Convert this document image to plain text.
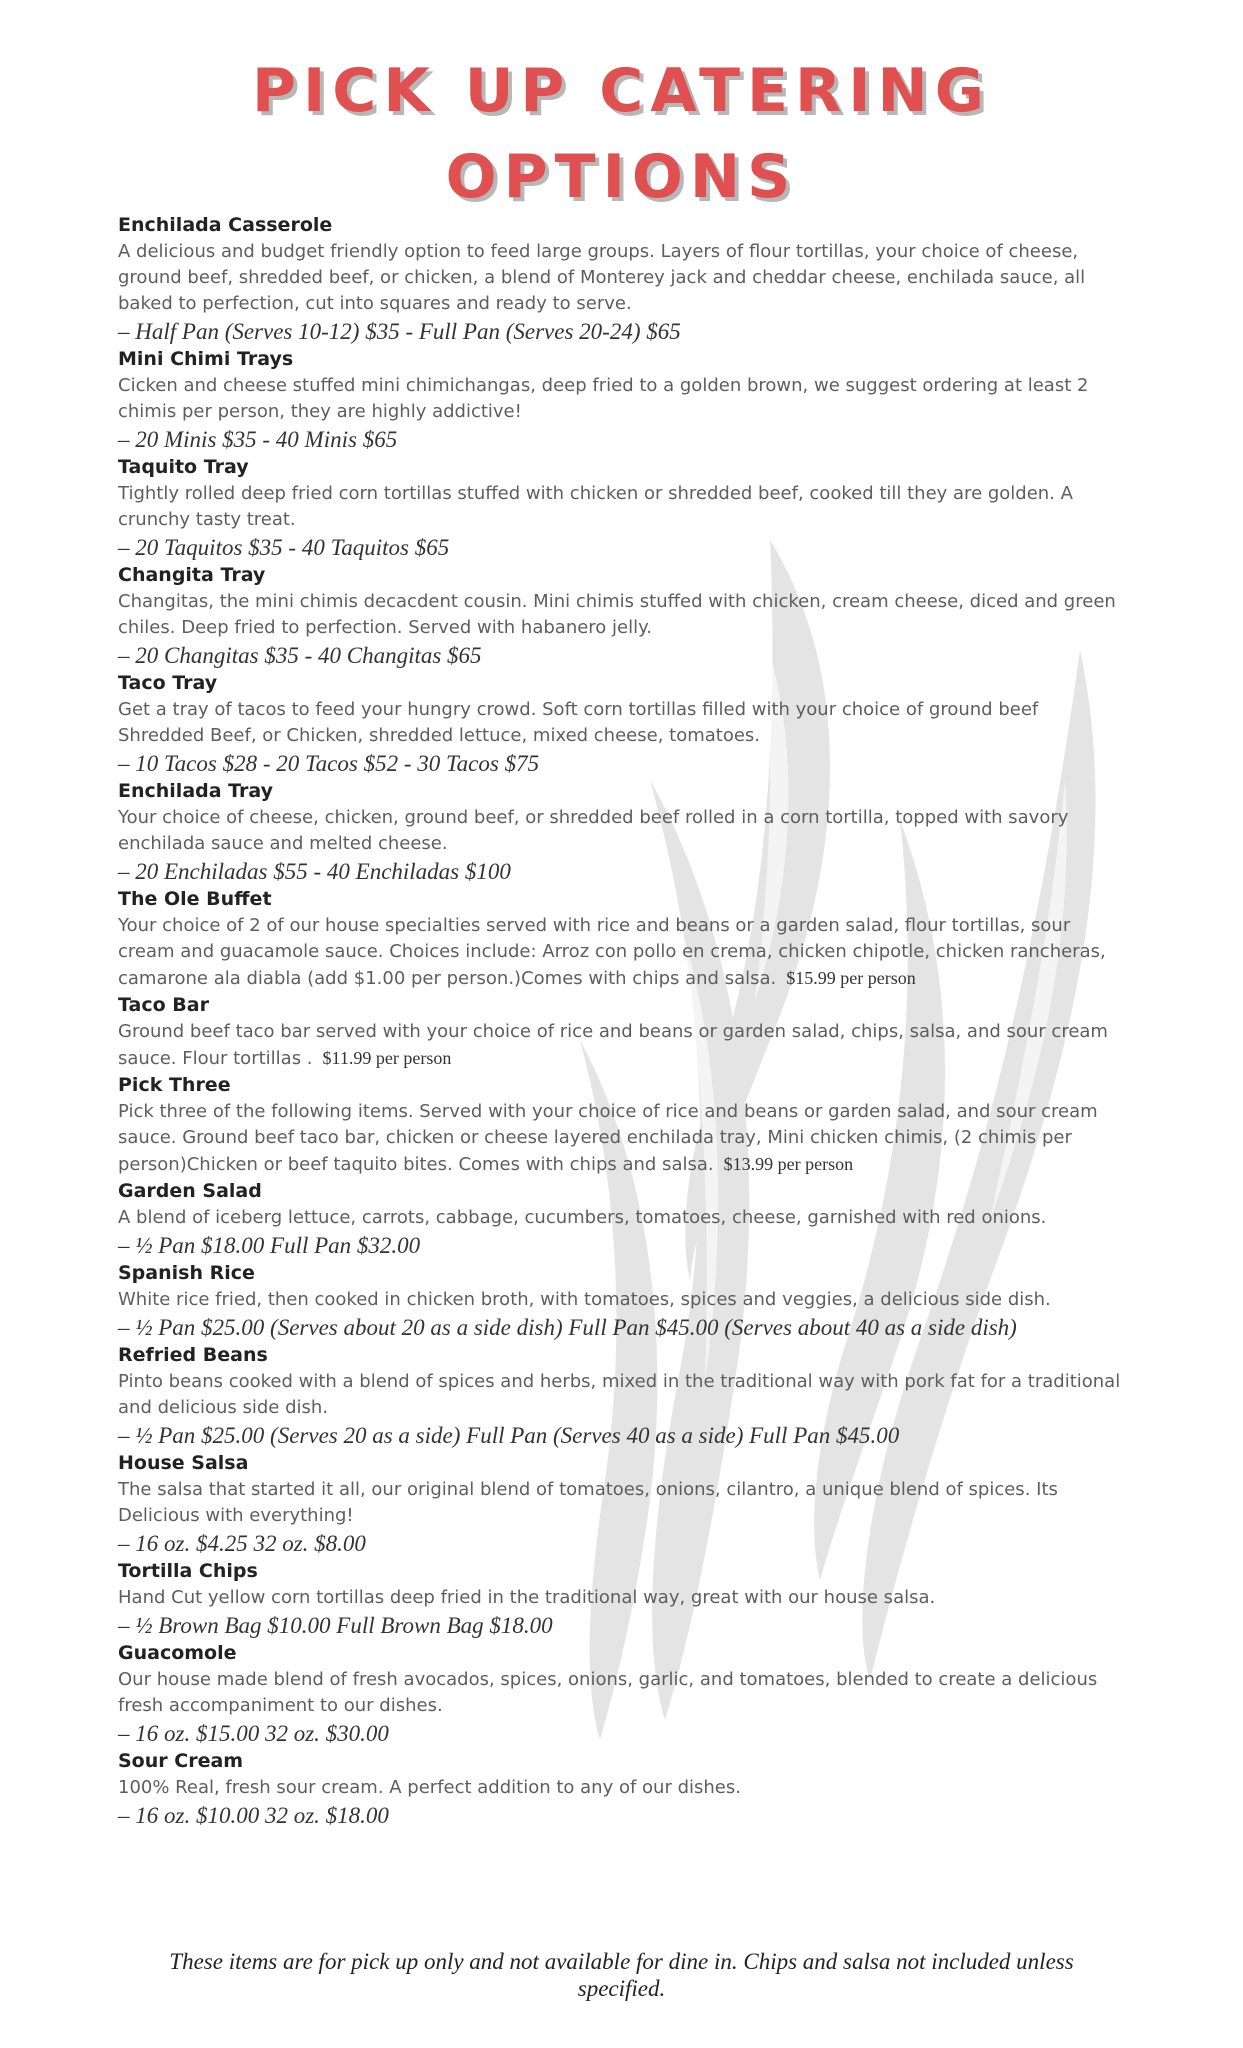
PICK UP CATERING
OPTIONS
Enchilada Casserole
A delicious and budget friendly option to feed large groups. Layers of flour tortillas, your choice of cheese, ground beef, shredded beef, or chicken, a blend of Monterey jack and cheddar cheese, enchilada sauce, all baked to perfection, cut into squares and ready to serve.
– Half Pan (Serves 10-12) $35 - Full Pan (Serves 20-24) $65
Mini Chimi Trays
Cicken and cheese stuffed mini chimichangas, deep fried to a golden brown, we suggest ordering at least 2 chimis per person, they are highly addictive!
– 20 Minis $35 - 40 Minis $65
Taquito Tray
Tightly rolled deep fried corn tortillas stuffed with chicken or shredded beef, cooked till they are golden. A crunchy tasty treat.
– 20 Taquitos $35 - 40 Taquitos $65
Changita Tray
Changitas, the mini chimis decacdent cousin. Mini chimis stuffed with chicken, cream cheese, diced and green chiles. Deep fried to perfection. Served with habanero jelly.
– 20 Changitas $35 - 40 Changitas $65
Taco Tray
Get a tray of tacos to feed your hungry crowd. Soft corn tortillas filled with your choice of ground beef Shredded Beef, or Chicken, shredded lettuce, mixed cheese, tomatoes.
– 10 Tacos $28 - 20 Tacos $52 - 30 Tacos $75
Enchilada Tray
Your choice of cheese, chicken, ground beef, or shredded beef rolled in a corn tortilla, topped with savory enchilada sauce and melted cheese.
– 20 Enchiladas $55 - 40 Enchiladas $100
The Ole Buffet
Your choice of 2 of our house specialties served with rice and beans or a garden salad, flour tortillas, sour cream and guacamole sauce. Choices include: Arroz con pollo en crema, chicken chipotle, chicken rancheras, camarone ala diabla (add $1.00 per person.)Comes with chips and salsa. $15.99 per person
Taco Bar
Ground beef taco bar served with your choice of rice and beans or garden salad, chips, salsa, and sour cream sauce. Flour tortillas . $11.99 per person
Pick Three
Pick three of the following items. Served with your choice of rice and beans or garden salad, and sour cream sauce. Ground beef taco bar, chicken or cheese layered enchilada tray, Mini chicken chimis, (2 chimis per person)Chicken or beef taquito bites. Comes with chips and salsa. $13.99 per person
Garden Salad
A blend of iceberg lettuce, carrots, cabbage, cucumbers, tomatoes, cheese, garnished with red onions.
– ½ Pan $18.00 Full Pan $32.00
Spanish Rice
White rice fried, then cooked in chicken broth, with tomatoes, spices and veggies, a delicious side dish.
– ½ Pan $25.00 (Serves about 20 as a side dish) Full Pan $45.00 (Serves about 40 as a side dish)
Refried Beans
Pinto beans cooked with a blend of spices and herbs, mixed in the traditional way with pork fat for a traditional and delicious side dish.
– ½ Pan $25.00 (Serves 20 as a side) Full Pan (Serves 40 as a side) Full Pan $45.00
House Salsa
The salsa that started it all, our original blend of tomatoes, onions, cilantro, a unique blend of spices. Its Delicious with everything!
– 16 oz. $4.25 32 oz. $8.00
Tortilla Chips
Hand Cut yellow corn tortillas deep fried in the traditional way, great with our house salsa.
– ½ Brown Bag $10.00 Full Brown Bag $18.00
Guacomole
Our house made blend of fresh avocados, spices, onions, garlic, and tomatoes, blended to create a delicious fresh accompaniment to our dishes.
– 16 oz. $15.00 32 oz. $30.00
Sour Cream
100% Real, fresh sour cream. A perfect addition to any of our dishes.
– 16 oz. $10.00 32 oz. $18.00
These items are for pick up only and not available for dine in. Chips and salsa not included unless specified.
